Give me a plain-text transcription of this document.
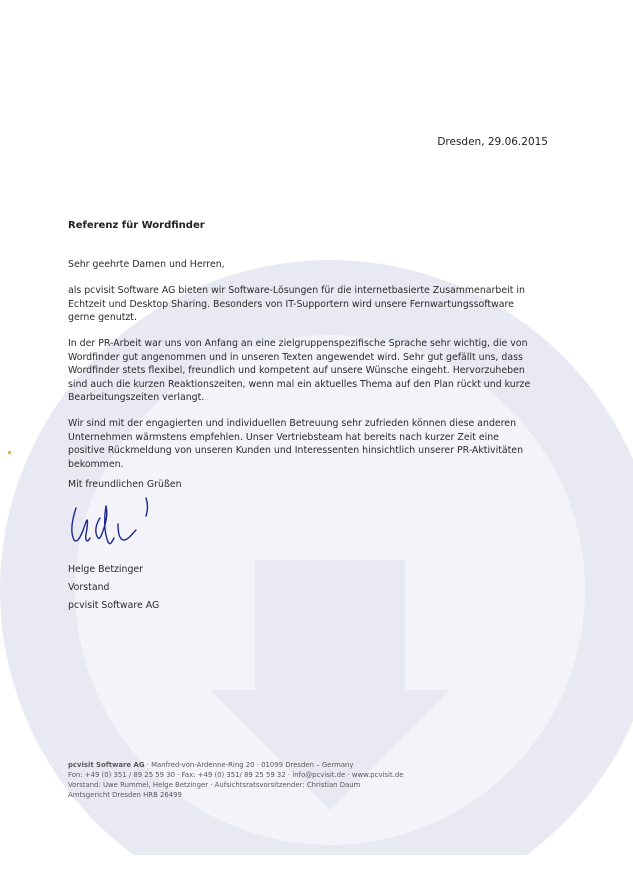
Dresden, 29.06.2015
Referenz für Wordfinder
Sehr geehrte Damen und Herren,
als pcvisit Software AG bieten wir Software-Lösungen für die internetbasierte Zusammenarbeit in
Echtzeit und Desktop Sharing. Besonders von IT-Supportern wird unsere Fernwartungssoftware
gerne genutzt.
In der PR-Arbeit war uns von Anfang an eine zielgruppenspezifische Sprache sehr wichtig, die von
Wordfinder gut angenommen und in unseren Texten angewendet wird. Sehr gut gefällt uns, dass
Wordfinder stets flexibel, freundlich und kompetent auf unsere Wünsche eingeht. Hervorzuheben
sind auch die kurzen Reaktionszeiten, wenn mal ein aktuelles Thema auf den Plan rückt und kurze
Bearbeitungszeiten verlangt.
Wir sind mit der engagierten und individuellen Betreuung sehr zufrieden können diese anderen
Unternehmen wärmstens empfehlen. Unser Vertriebsteam hat bereits nach kurzer Zeit eine
positive Rückmeldung von unseren Kunden und Interessenten hinsichtlich unserer PR-Aktivitäten
bekommen.
Mit freundlichen Grüßen
Helge Betzinger
Vorstand
pcvisit Software AG
pcvisit Software AG · Manfred-von-Ardenne-Ring 20 · 01099 Dresden – Germany
Fon: +49 (0) 351 / 89 25 59 30 · Fax: +49 (0) 351/ 89 25 59 32 · info@pcvisit.de · www.pcvisit.de
Vorstand: Uwe Rummel, Helge Betzinger · Aufsichtsratsvorsitzender: Christian Daum
Amtsgericht Dresden HRB 26499
